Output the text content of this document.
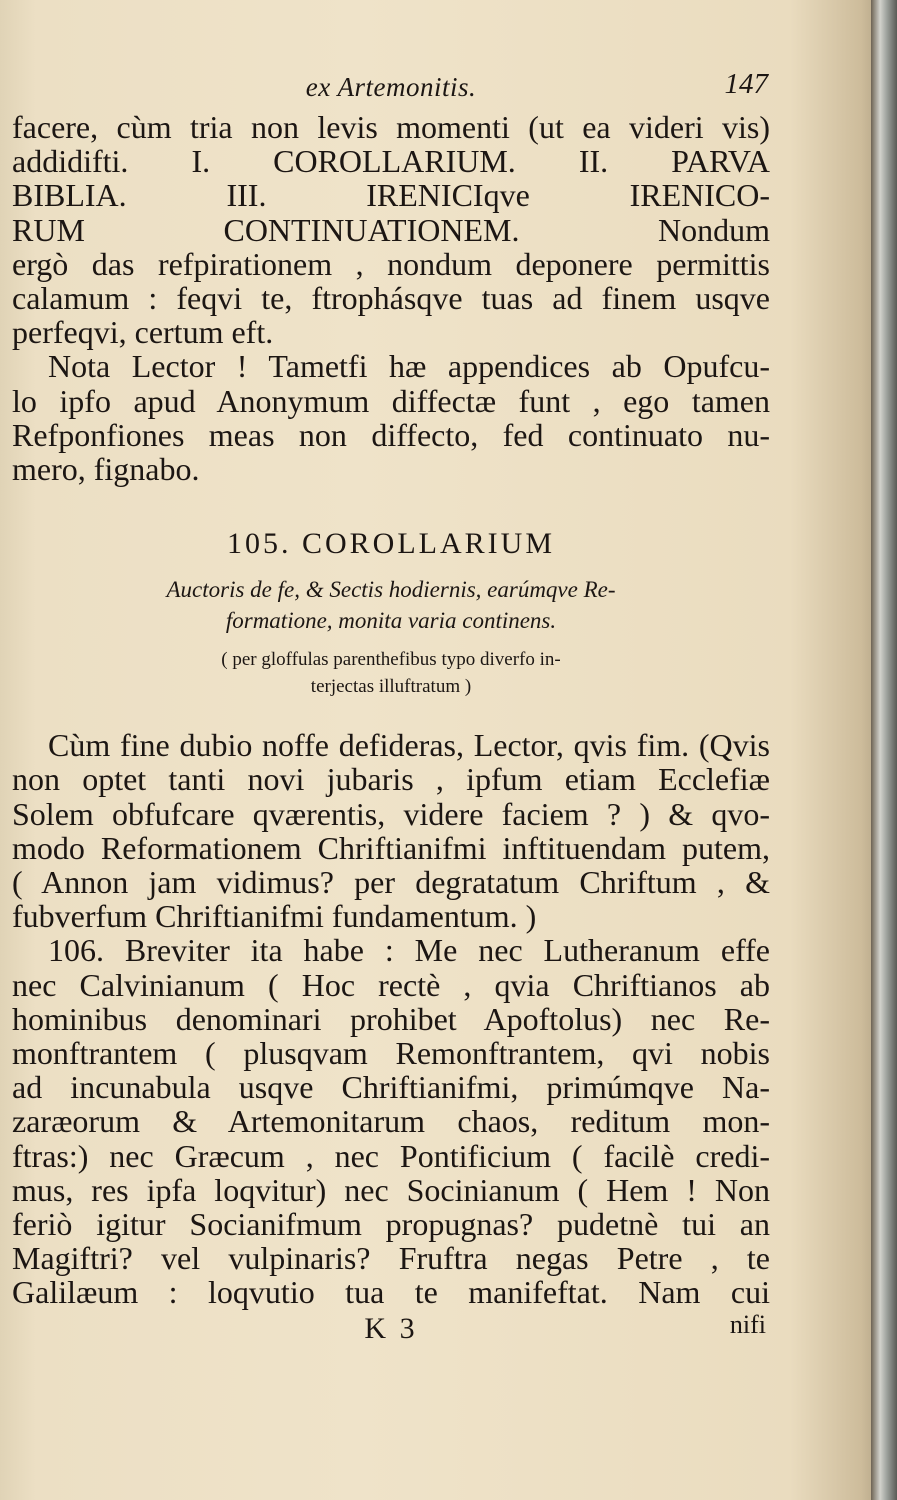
ex Artemonitis.	147
facere, cùm tria non levis momenti (ut ea videri vis)
addidifti. I. COROLLARIUM. II. PARVA
BIBLIA. III. IRENICIqve IRENICO-
RUM CONTINUATIONEM. Nondum
ergò das refpirationem , nondum deponere permittis
calamum : feqvi te, ftrophásqve tuas ad finem usqve
perfeqvi, certum eft.
Nota Lector ! Tametfi hæ appendices ab Opufcu-
lo ipfo apud Anonymum diffectæ funt , ego tamen
Refponfiones meas non diffecto, fed continuato nu-
mero, fignabo.
105. COROLLARIUM
Auctoris de fe, & Sectis hodiernis, earúmqve Re-
formatione, monita varia continens.
( per gloffulas parenthefibus typo diverfo in-
terjectas illuftratum )
Cùm fine dubio noffe defideras, Lector, qvis fim. (Qvis
non optet tanti novi jubaris , ipfum etiam Ecclefiæ
Solem obfufcare qværentis, videre faciem ? ) & qvo-
modo Reformationem Chriftianifmi inftituendam putem,
( Annon jam vidimus? per degratatum Chriftum , &
fubverfum Chriftianifmi fundamentum. )
106. Breviter ita habe : Me nec Lutheranum effe
nec Calvinianum ( Hoc rectè , qvia Chriftianos ab
hominibus denominari prohibet Apoftolus) nec Re-
monftrantem ( plusqvam Remonftrantem, qvi nobis
ad incunabula usqve Chriftianifmi, primúmqve Na-
zaræorum & Artemonitarum chaos, reditum mon-
ftras:) nec Græcum , nec Pontificium ( facilè credi-
mus, res ipfa loqvitur) nec Socinianum ( Hem ! Non
feriò igitur Socianifmum propugnas? pudetnè tui an
Magiftri? vel vulpinaris? Fruftra negas Petre , te
Galilæum : loqvutio tua te manifeftat. Nam cui
K 3	nifi
